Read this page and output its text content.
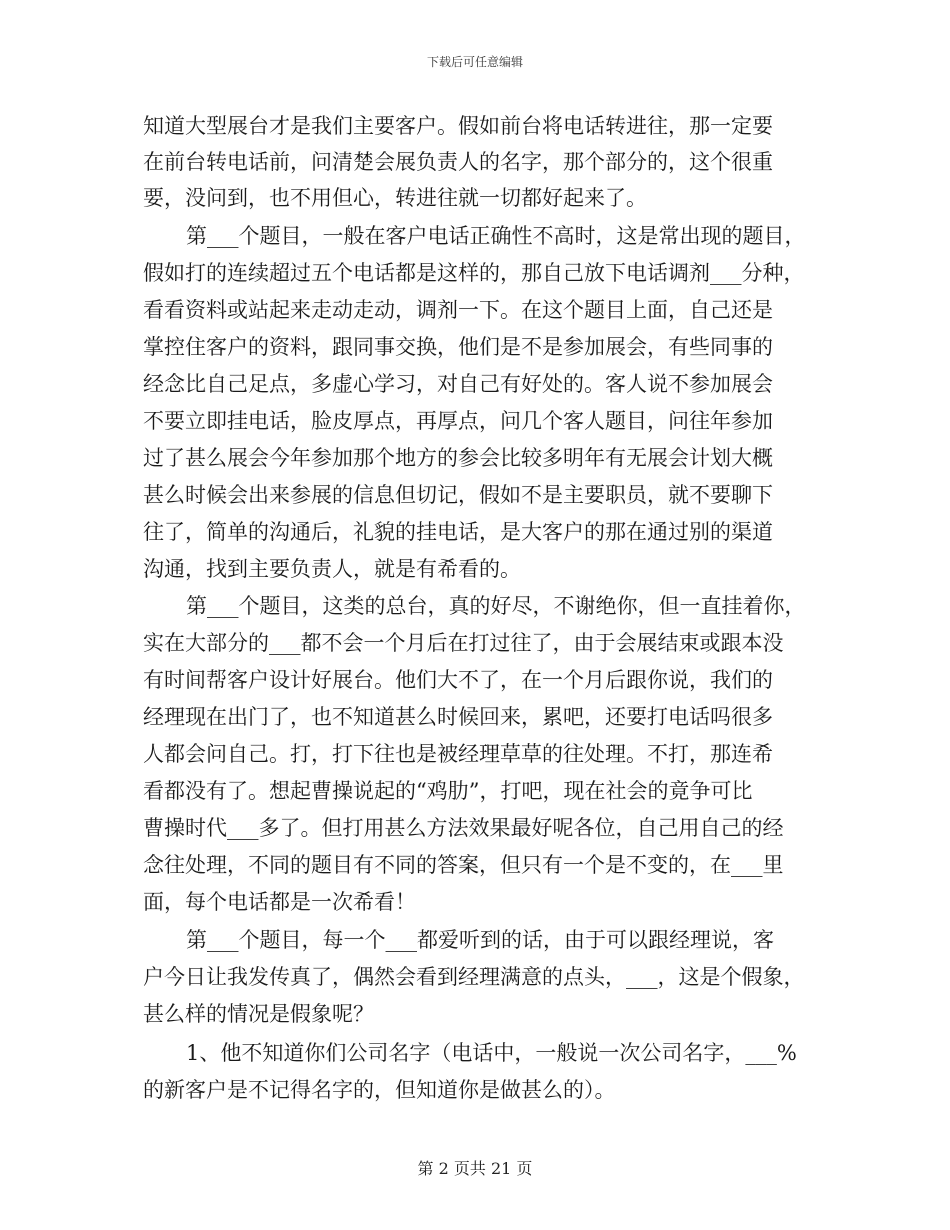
下载后可任意编辑
知道大型展台才是我们主要客户。假如前台将电话转进往，那一定要
在前台转电话前，问清楚会展负责人的名字，那个部分的，这个很重
要，没问到，也不用但心，转进往就一切都好起来了。
第___个题目，一般在客户电话正确性不高时，这是常出现的题目，
假如打的连续超过五个电话都是这样的，那自己放下电话调剂___分种，
看看资料或站起来走动走动，调剂一下。在这个题目上面，自己还是
掌控住客户的资料，跟同事交换，他们是不是参加展会，有些同事的
经念比自己足点，多虚心学习，对自己有好处的。客人说不参加展会
不要立即挂电话，脸皮厚点，再厚点，问几个客人题目，问往年参加
过了甚么展会今年参加那个地方的参会比较多明年有无展会计划大概
甚么时候会出来参展的信息但切记，假如不是主要职员，就不要聊下
往了，简单的沟通后，礼貌的挂电话，是大客户的那在通过别的渠道
沟通，找到主要负责人，就是有希看的。
第___个题目，这类的总台，真的好尽，不谢绝你，但一直挂着你，
实在大部分的___都不会一个月后在打过往了，由于会展结束或跟本没
有时间帮客户设计好展台。他们大不了，在一个月后跟你说，我们的
经理现在出门了，也不知道甚么时候回来，累吧，还要打电话吗很多
人都会问自己。打，打下往也是被经理草草的往处理。不打，那连希
看都没有了。想起曹操说起的“鸡肋”，打吧，现在社会的竟争可比
曹操时代___多了。但打用甚么方法效果最好呢各位，自己用自己的经
念往处理，不同的题目有不同的答案，但只有一个是不变的，在___里
面，每个电话都是一次希看！
第___个题目，每一个___都爱听到的话，由于可以跟经理说，客
户今日让我发传真了，偶然会看到经理满意的点头，___，这是个假象，
甚么样的情况是假象呢？
1、他不知道你们公司名字（电话中，一般说一次公司名字，___%
的新客户是不记得名字的，但知道你是做甚么的）。
第 2 页共 21 页
